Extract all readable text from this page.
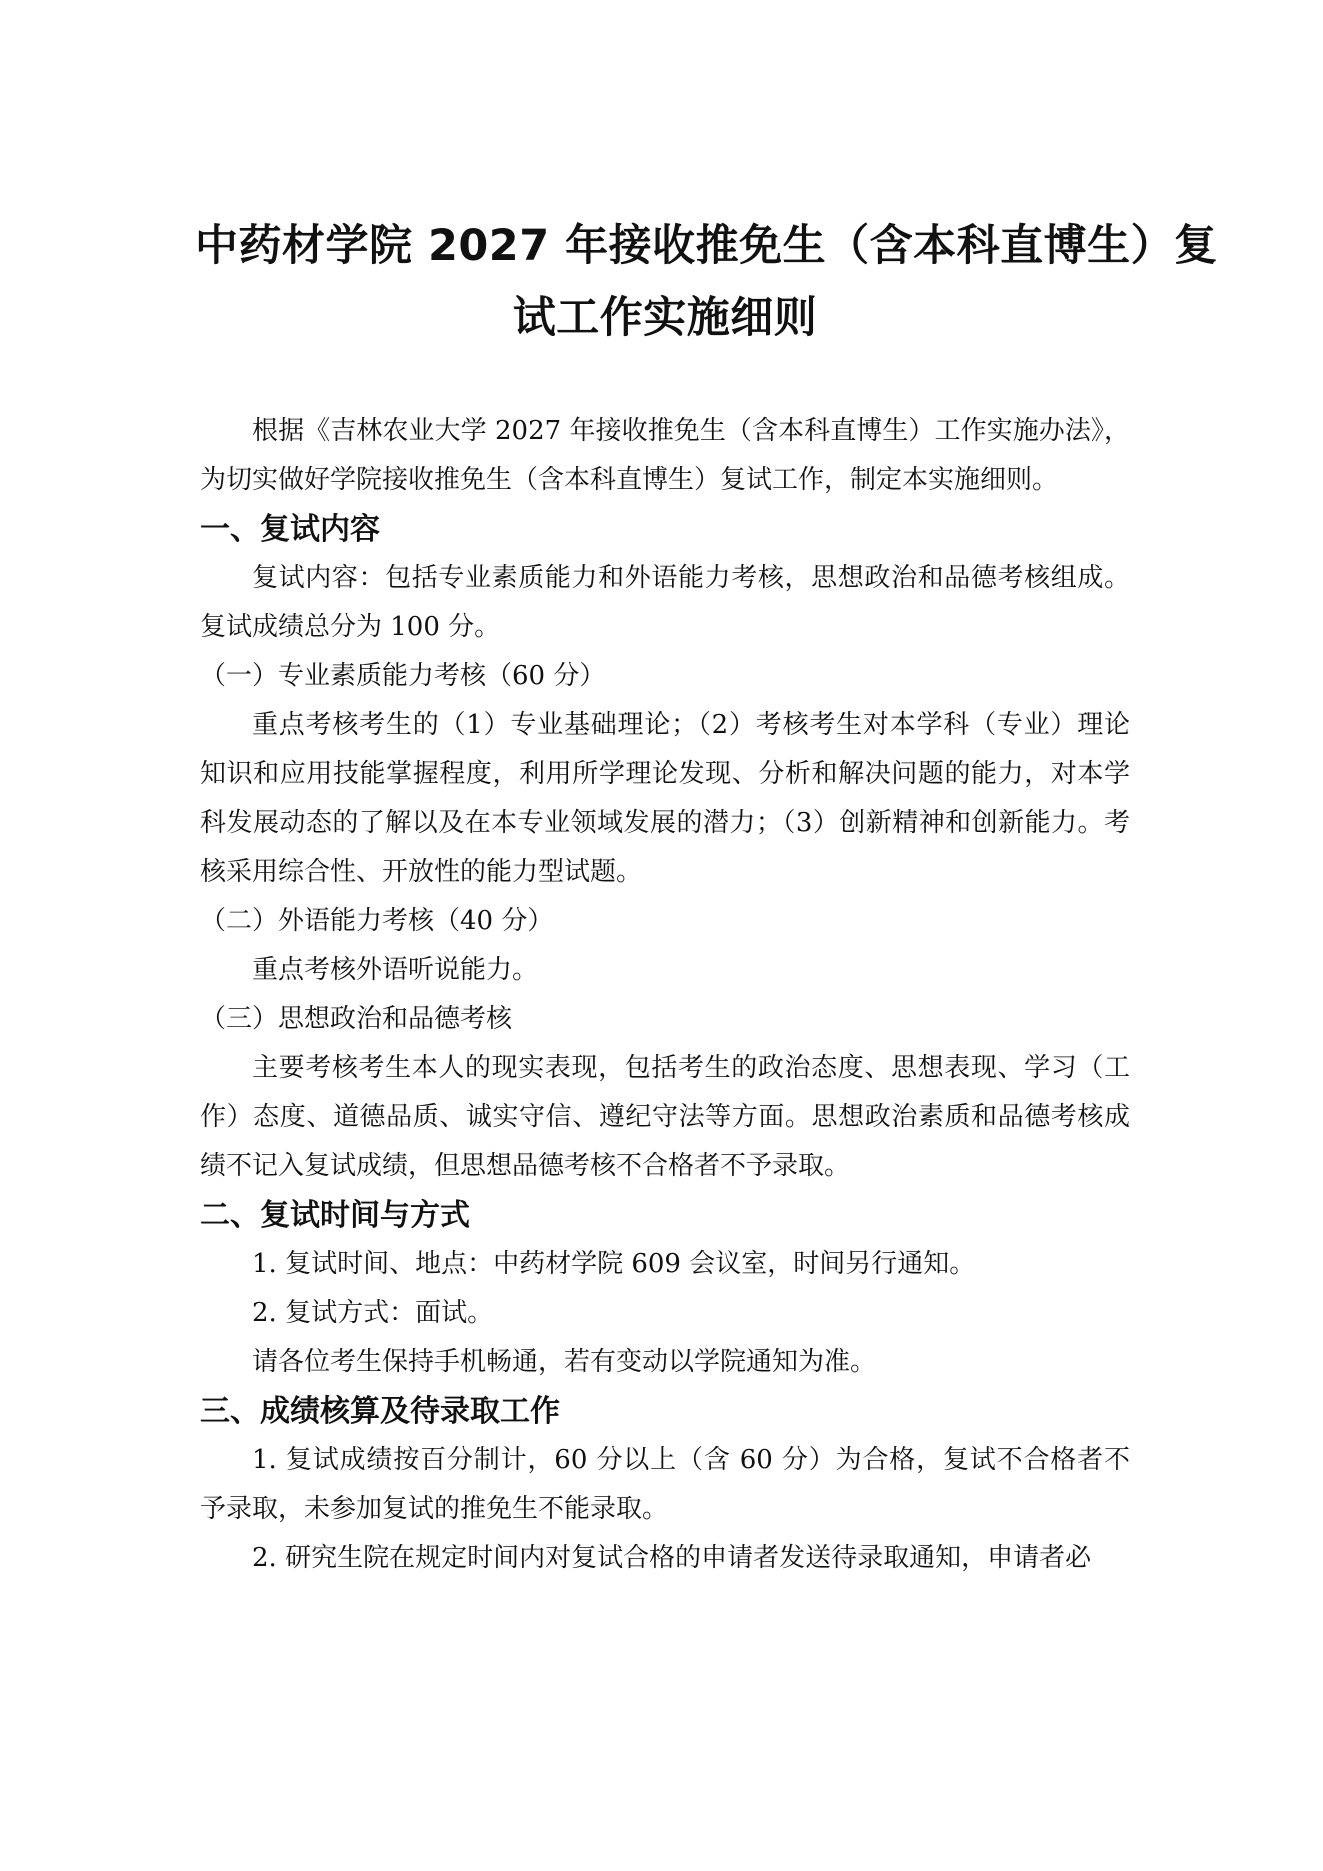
中药材学院 2027 年接收推免生（含本科直博生）复
试工作实施细则

根据《吉林农业大学 2027 年接收推免生（含本科直博生）工作实施办法》，为切实做好学院接收推免生（含本科直博生）复试工作，制定本实施细则。

一、复试内容

复试内容：包括专业素质能力和外语能力考核，思想政治和品德考核组成。复试成绩总分为 100 分。

（一）专业素质能力考核（60 分）

重点考核考生的（1）专业基础理论；（2）考核考生对本学科（专业）理论知识和应用技能掌握程度，利用所学理论发现、分析和解决问题的能力，对本学科发展动态的了解以及在本专业领域发展的潜力；（3）创新精神和创新能力。考核采用综合性、开放性的能力型试题。

（二）外语能力考核（40 分）

重点考核外语听说能力。

（三）思想政治和品德考核

主要考核考生本人的现实表现，包括考生的政治态度、思想表现、学习（工作）态度、道德品质、诚实守信、遵纪守法等方面。思想政治素质和品德考核成绩不记入复试成绩，但思想品德考核不合格者不予录取。

二、复试时间与方式

1. 复试时间、地点：中药材学院 609 会议室，时间另行通知。

2. 复试方式：面试。

请各位考生保持手机畅通，若有变动以学院通知为准。

三、成绩核算及待录取工作

1. 复试成绩按百分制计，60 分以上（含 60 分）为合格，复试不合格者不予录取，未参加复试的推免生不能录取。

2. 研究生院在规定时间内对复试合格的申请者发送待录取通知，申请者必
